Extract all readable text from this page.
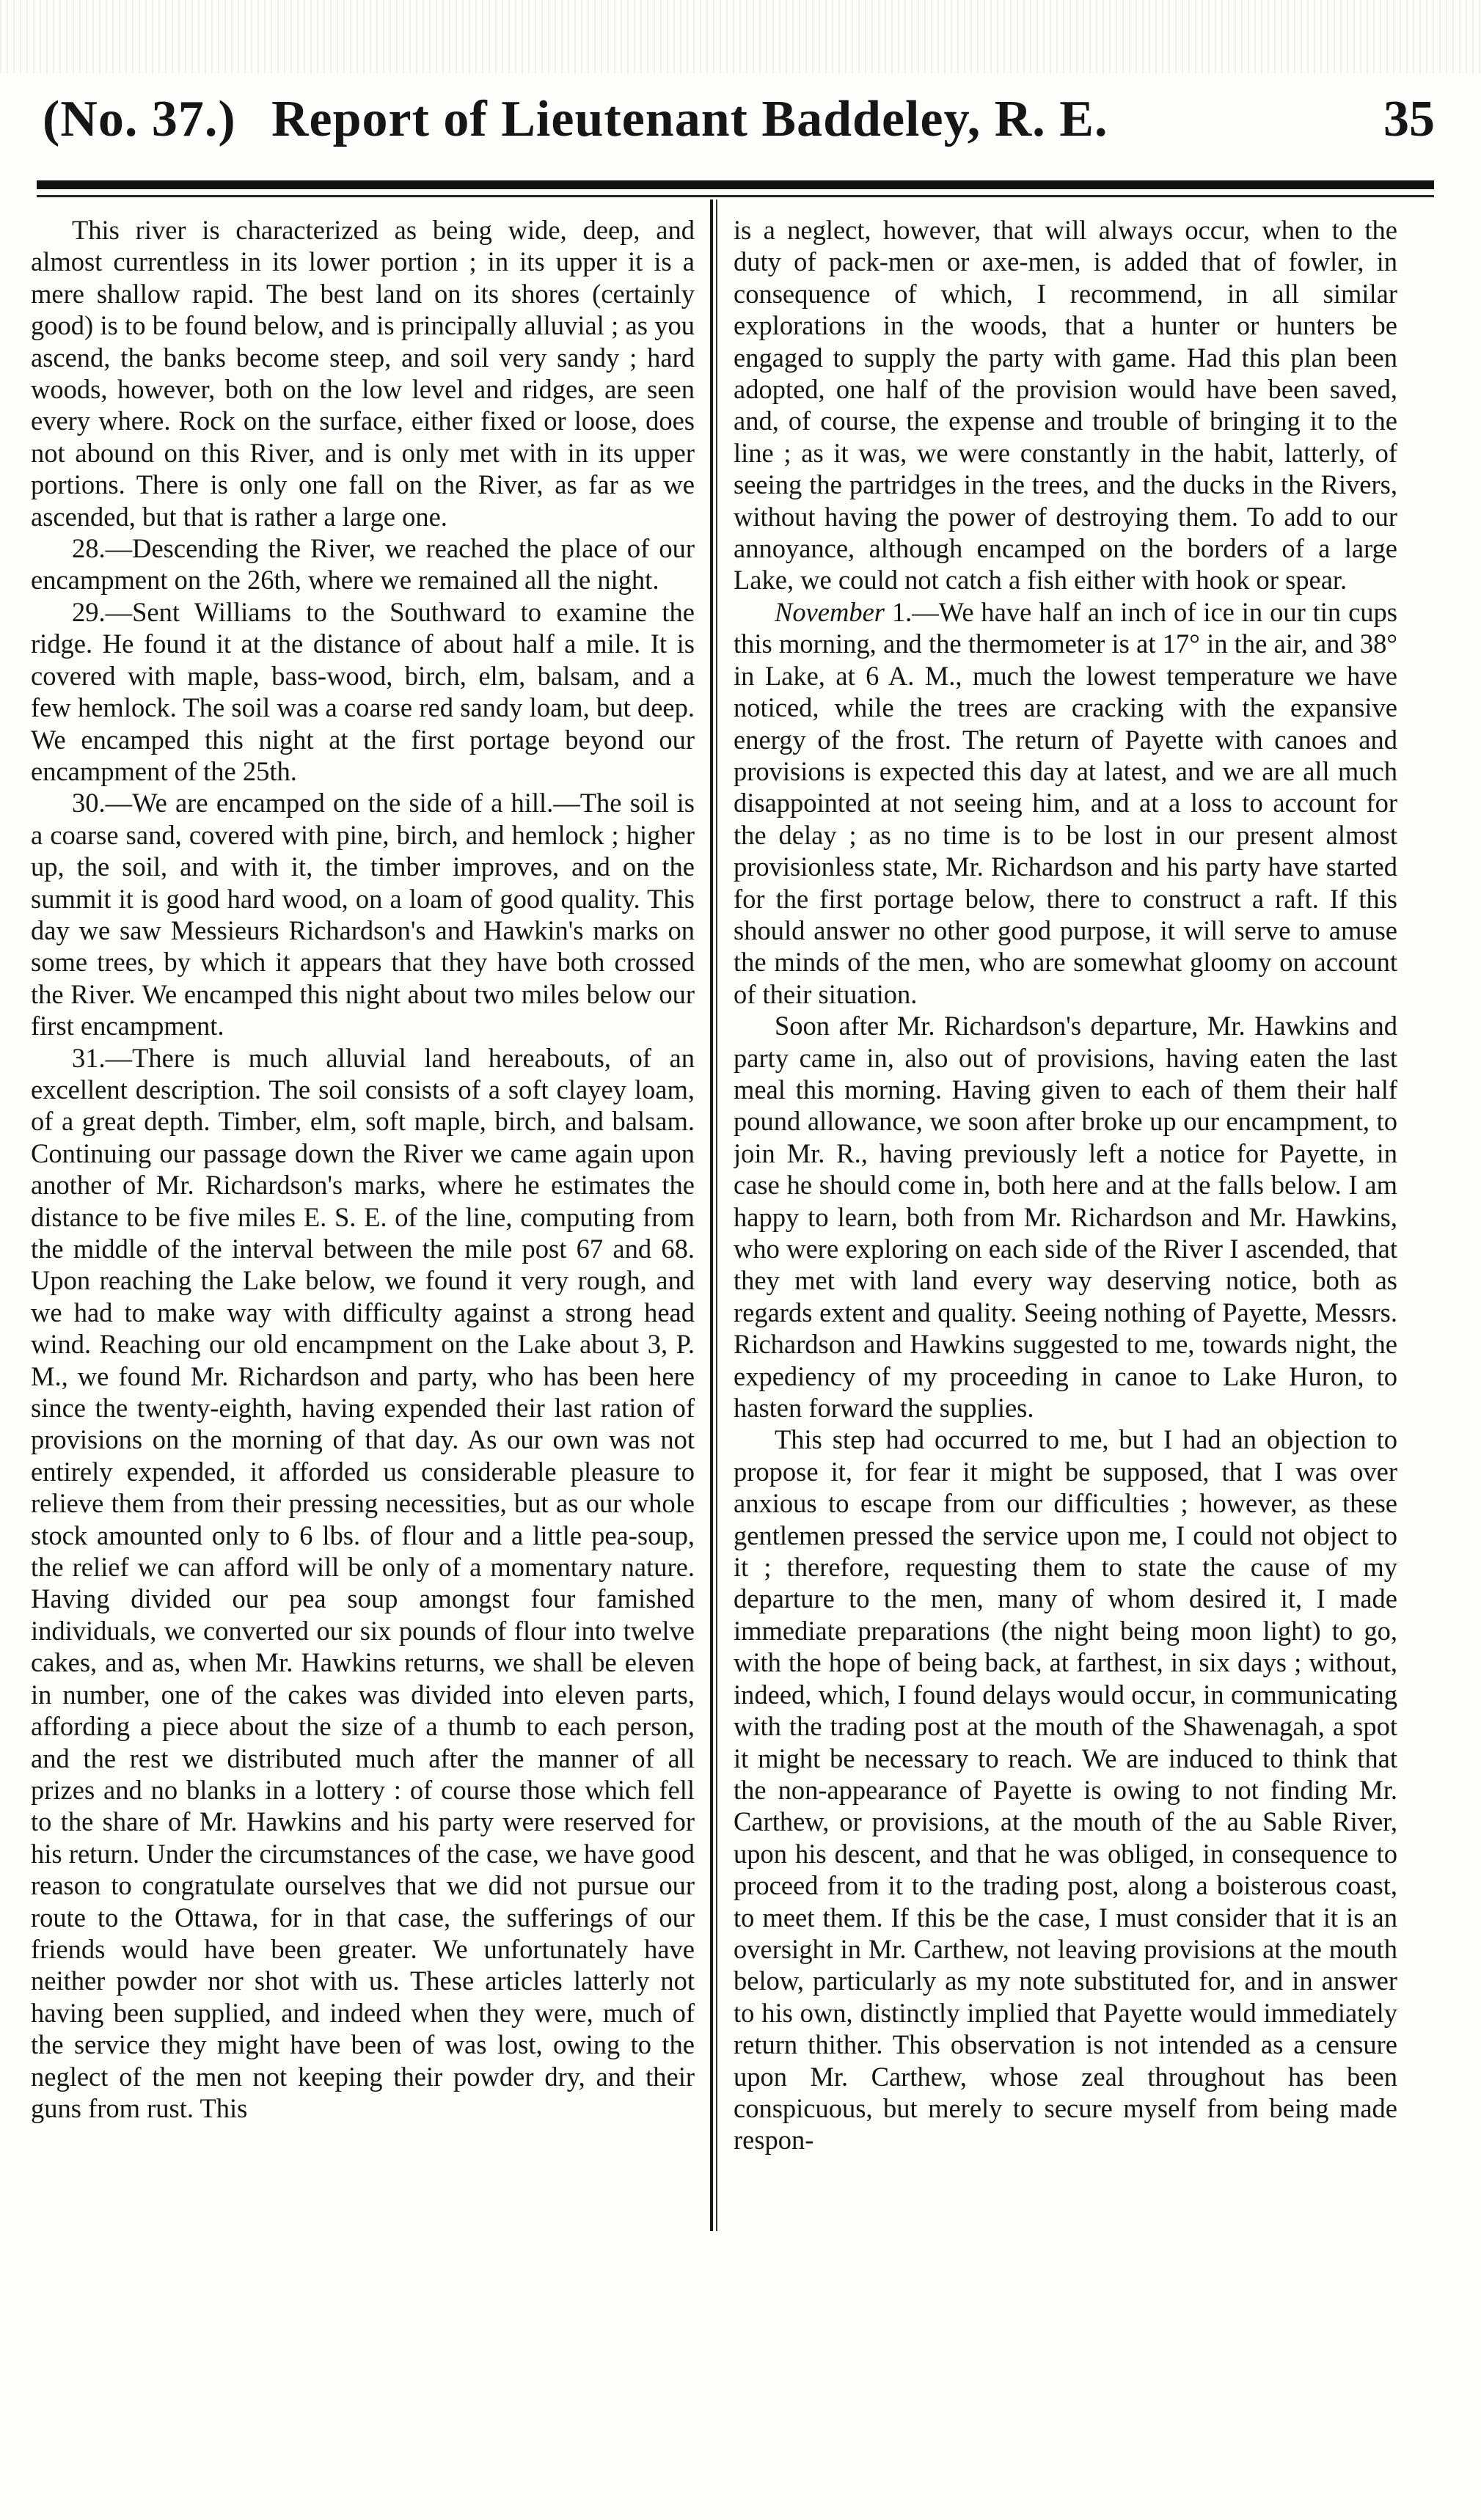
(No. 37.) Report of Lieutenant Baddeley, R. E.	35

This river is characterized as being wide, deep, and almost currentless in its lower portion ; in its upper it is a mere shallow rapid. The best land on its shores (certainly good) is to be found below, and is principally alluvial ; as you ascend, the banks become steep, and soil very sandy ; hard woods, however, both on the low level and ridges, are seen every where. Rock on the surface, either fixed or loose, does not abound on this River, and is only met with in its upper portions. There is only one fall on the River, as far as we ascended, but that is rather a large one.

28.—Descending the River, we reached the place of our encampment on the 26th, where we remained all the night.

29.—Sent Williams to the Southward to examine the ridge. He found it at the distance of about half a mile. It is covered with maple, bass-wood, birch, elm, balsam, and a few hemlock. The soil was a coarse red sandy loam, but deep. We encamped this night at the first portage beyond our encampment of the 25th.

30.—We are encamped on the side of a hill.—The soil is a coarse sand, covered with pine, birch, and hemlock ; higher up, the soil, and with it, the timber improves, and on the summit it is good hard wood, on a loam of good quality. This day we saw Messieurs Richardson's and Hawkin's marks on some trees, by which it appears that they have both crossed the River. We encamped this night about two miles below our first encampment.

31.—There is much alluvial land hereabouts, of an excellent description. The soil consists of a soft clayey loam, of a great depth. Timber, elm, soft maple, birch, and balsam. Continuing our passage down the River we came again upon another of Mr. Richardson's marks, where he estimates the distance to be five miles E. S. E. of the line, computing from the middle of the interval between the mile post 67 and 68. Upon reaching the Lake below, we found it very rough, and we had to make way with difficulty against a strong head wind. Reaching our old encampment on the Lake about 3, P. M., we found Mr. Richardson and party, who has been here since the twenty-eighth, having expended their last ration of provisions on the morning of that day. As our own was not entirely expended, it afforded us considerable pleasure to relieve them from their pressing necessities, but as our whole stock amounted only to 6 lbs. of flour and a little pea-soup, the relief we can afford will be only of a momentary nature. Having divided our pea soup amongst four famished individuals, we converted our six pounds of flour into twelve cakes, and as, when Mr. Hawkins returns, we shall be eleven in number, one of the cakes was divided into eleven parts, affording a piece about the size of a thumb to each person, and the rest we distributed much after the manner of all prizes and no blanks in a lottery : of course those which fell to the share of Mr. Hawkins and his party were reserved for his return. Under the circumstances of the case, we have good reason to congratulate ourselves that we did not pursue our route to the Ottawa, for in that case, the sufferings of our friends would have been greater. We unfortunately have neither powder nor shot with us. These articles latterly not having been supplied, and indeed when they were, much of the service they might have been of was lost, owing to the neglect of the men not keeping their powder dry, and their guns from rust. This

is a neglect, however, that will always occur, when to the duty of pack-men or axe-men, is added that of fowler, in consequence of which, I recommend, in all similar explorations in the woods, that a hunter or hunters be engaged to supply the party with game. Had this plan been adopted, one half of the provision would have been saved, and, of course, the expense and trouble of bringing it to the line ; as it was, we were constantly in the habit, latterly, of seeing the partridges in the trees, and the ducks in the Rivers, without having the power of destroying them. To add to our annoyance, although encamped on the borders of a large Lake, we could not catch a fish either with hook or spear.

November 1.—We have half an inch of ice in our tin cups this morning, and the thermometer is at 17° in the air, and 38° in Lake, at 6 A. M., much the lowest temperature we have noticed, while the trees are cracking with the expansive energy of the frost. The return of Payette with canoes and provisions is expected this day at latest, and we are all much disappointed at not seeing him, and at a loss to account for the delay ; as no time is to be lost in our present almost provisionless state, Mr. Richardson and his party have started for the first portage below, there to construct a raft. If this should answer no other good purpose, it will serve to amuse the minds of the men, who are somewhat gloomy on account of their situation.

Soon after Mr. Richardson's departure, Mr. Hawkins and party came in, also out of provisions, having eaten the last meal this morning. Having given to each of them their half pound allowance, we soon after broke up our encampment, to join Mr. R., having previously left a notice for Payette, in case he should come in, both here and at the falls below. I am happy to learn, both from Mr. Richardson and Mr. Hawkins, who were exploring on each side of the River I ascended, that they met with land every way deserving notice, both as regards extent and quality. Seeing nothing of Payette, Messrs. Richardson and Hawkins suggested to me, towards night, the expediency of my proceeding in canoe to Lake Huron, to hasten forward the supplies.

This step had occurred to me, but I had an objection to propose it, for fear it might be supposed, that I was over anxious to escape from our difficulties ; however, as these gentlemen pressed the service upon me, I could not object to it ; therefore, requesting them to state the cause of my departure to the men, many of whom desired it, I made immediate preparations (the night being moon light) to go, with the hope of being back, at farthest, in six days ; without, indeed, which, I found delays would occur, in communicating with the trading post at the mouth of the Shawenagah, a spot it might be necessary to reach. We are induced to think that the non-appearance of Payette is owing to not finding Mr. Carthew, or provisions, at the mouth of the au Sable River, upon his descent, and that he was obliged, in consequence to proceed from it to the trading post, along a boisterous coast, to meet them. If this be the case, I must consider that it is an oversight in Mr. Carthew, not leaving provisions at the mouth below, particularly as my note substituted for, and in answer to his own, distinctly implied that Payette would immediately return thither. This observation is not intended as a censure upon Mr. Carthew, whose zeal throughout has been conspicuous, but merely to secure myself from being made respon-
